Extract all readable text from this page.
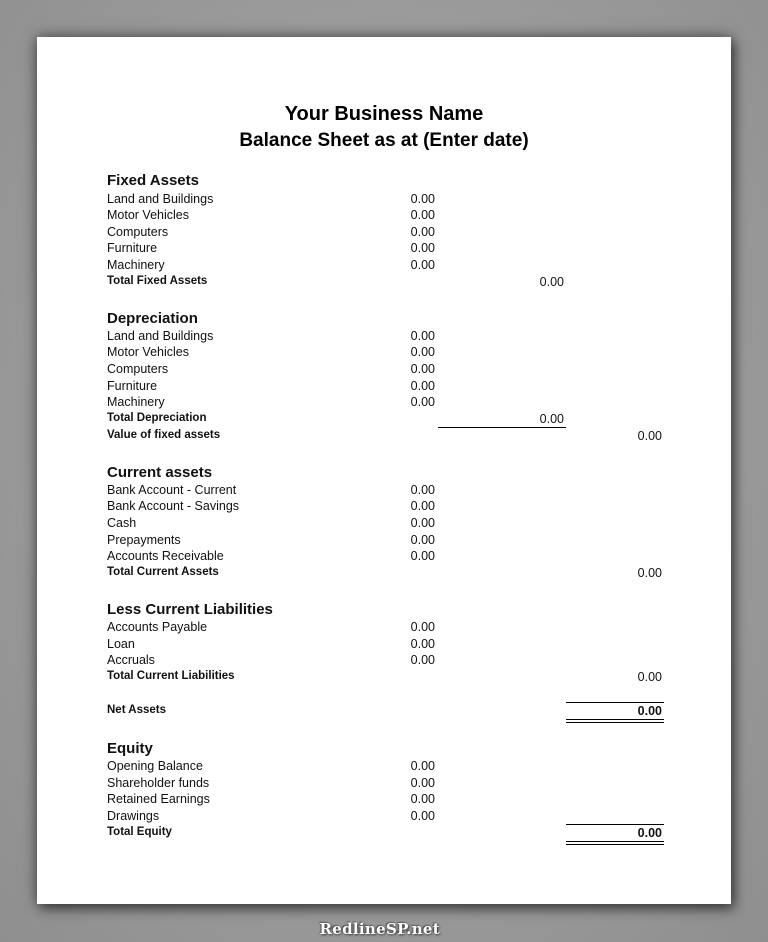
Your Business Name
Balance Sheet as at (Enter date)
Fixed Assets
Land and Buildings	0.00
Motor Vehicles	0.00
Computers	0.00
Furniture	0.00
Machinery	0.00
Total Fixed Assets	0.00
Depreciation
Land and Buildings	0.00
Motor Vehicles	0.00
Computers	0.00
Furniture	0.00
Machinery	0.00
Total Depreciation	0.00
Value of fixed assets	0.00
Current assets
Bank Account - Current	0.00
Bank Account - Savings	0.00
Cash	0.00
Prepayments	0.00
Accounts Receivable	0.00
Total Current Assets	0.00
Less Current Liabilities
Accounts Payable	0.00
Loan	0.00
Accruals	0.00
Total Current Liabilities	0.00
Net Assets	0.00
Equity
Opening Balance	0.00
Shareholder funds	0.00
Retained Earnings	0.00
Drawings	0.00
Total Equity	0.00
RedlineSP.net
